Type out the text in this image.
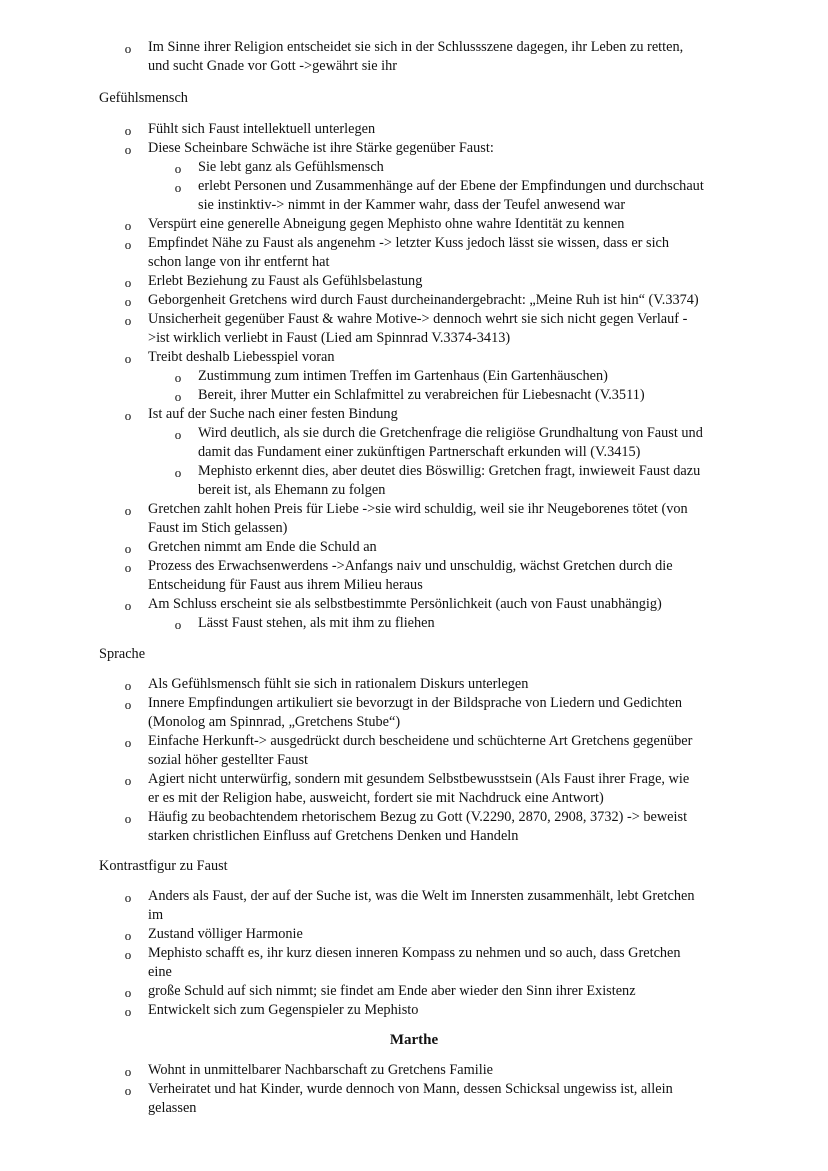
o Im Sinne ihrer Religion entscheidet sie sich in der Schlussszene dagegen, ihr Leben zu retten,
und sucht Gnade vor Gott ->gewährt sie ihr
Gefühlsmensch
o Fühlt sich Faust intellektuell unterlegen
o Diese Scheinbare Schwäche ist ihre Stärke gegenüber Faust:
o Sie lebt ganz als Gefühlsmensch
o erlebt Personen und Zusammenhänge auf der Ebene der Empfindungen und durchschaut
sie instinktiv-> nimmt in der Kammer wahr, dass der Teufel anwesend war
o Verspürt eine generelle Abneigung gegen Mephisto ohne wahre Identität zu kennen
o Empfindet Nähe zu Faust als angenehm -> letzter Kuss jedoch lässt sie wissen, dass er sich
schon lange von ihr entfernt hat
o Erlebt Beziehung zu Faust als Gefühlsbelastung
o Geborgenheit Gretchens wird durch Faust durcheinandergebracht: „Meine Ruh ist hin“ (V.3374)
o Unsicherheit gegenüber Faust & wahre Motive-> dennoch wehrt sie sich nicht gegen Verlauf -
>ist wirklich verliebt in Faust (Lied am Spinnrad V.3374-3413)
o Treibt deshalb Liebesspiel voran
o Zustimmung zum intimen Treffen im Gartenhaus (Ein Gartenhäuschen)
o Bereit, ihrer Mutter ein Schlafmittel zu verabreichen für Liebesnacht (V.3511)
o Ist auf der Suche nach einer festen Bindung
o Wird deutlich, als sie durch die Gretchenfrage die religiöse Grundhaltung von Faust und
damit das Fundament einer zukünftigen Partnerschaft erkunden will (V.3415)
o Mephisto erkennt dies, aber deutet dies Böswillig: Gretchen fragt, inwieweit Faust dazu
bereit ist, als Ehemann zu folgen
o Gretchen zahlt hohen Preis für Liebe ->sie wird schuldig, weil sie ihr Neugeborenes tötet (von
Faust im Stich gelassen)
o Gretchen nimmt am Ende die Schuld an
o Prozess des Erwachsenwerdens ->Anfangs naiv und unschuldig, wächst Gretchen durch die
Entscheidung für Faust aus ihrem Milieu heraus
o Am Schluss erscheint sie als selbstbestimmte Persönlichkeit (auch von Faust unabhängig)
o Lässt Faust stehen, als mit ihm zu fliehen
Sprache
o Als Gefühlsmensch fühlt sie sich in rationalem Diskurs unterlegen
o Innere Empfindungen artikuliert sie bevorzugt in der Bildsprache von Liedern und Gedichten
(Monolog am Spinnrad, „Gretchens Stube“)
o Einfache Herkunft-> ausgedrückt durch bescheidene und schüchterne Art Gretchens gegenüber
sozial höher gestellter Faust
o Agiert nicht unterwürfig, sondern mit gesundem Selbstbewusstsein (Als Faust ihrer Frage, wie
er es mit der Religion habe, ausweicht, fordert sie mit Nachdruck eine Antwort)
o Häufig zu beobachtendem rhetorischem Bezug zu Gott (V.2290, 2870, 2908, 3732) -> beweist
starken christlichen Einfluss auf Gretchens Denken und Handeln
Kontrastfigur zu Faust
o Anders als Faust, der auf der Suche ist, was die Welt im Innersten zusammenhält, lebt Gretchen
im
o Zustand völliger Harmonie
o Mephisto schafft es, ihr kurz diesen inneren Kompass zu nehmen und so auch, dass Gretchen
eine
o große Schuld auf sich nimmt; sie findet am Ende aber wieder den Sinn ihrer Existenz
o Entwickelt sich zum Gegenspieler zu Mephisto
Marthe
o Wohnt in unmittelbarer Nachbarschaft zu Gretchens Familie
o Verheiratet und hat Kinder, wurde dennoch von Mann, dessen Schicksal ungewiss ist, allein
gelassen
